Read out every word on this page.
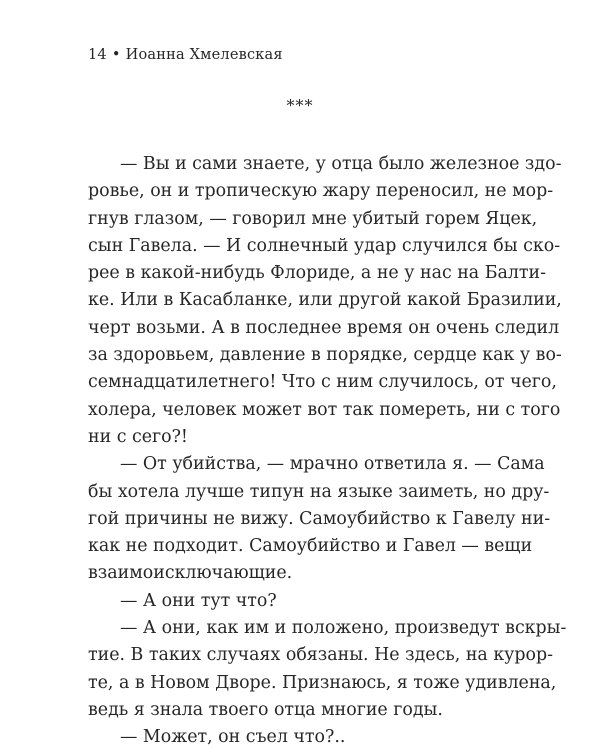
14 • Иоанна Хмелевская
***
— Вы и сами знаете, у отца было железное здо-
ровье, он и тропическую жару переносил, не мор-
гнув глазом, — говорил мне убитый горем Яцек,
сын Гавела. — И солнечный удар случился бы ско-
рее в какой-нибудь Флориде, а не у нас на Балти-
ке. Или в Касабланке, или другой какой Бразилии,
черт возьми. А в последнее время он очень следил
за здоровьем, давление в порядке, сердце как у во-
семнадцатилетнего! Что с ним случилось, от чего,
холера, человек может вот так помереть, ни с того
ни с сего?!
— От убийства, — мрачно ответила я. — Сама
бы хотела лучше типун на языке заиметь, но дру-
гой причины не вижу. Самоубийство к Гавелу ни-
как не подходит. Самоубийство и Гавел — вещи
взаимоисключающие.
— А они тут что?
— А они, как им и положено, произведут вскры-
тие. В таких случаях обязаны. Не здесь, на курор-
те, а в Новом Дворе. Признаюсь, я тоже удивлена,
ведь я знала твоего отца многие годы.
— Может, он съел что?..
